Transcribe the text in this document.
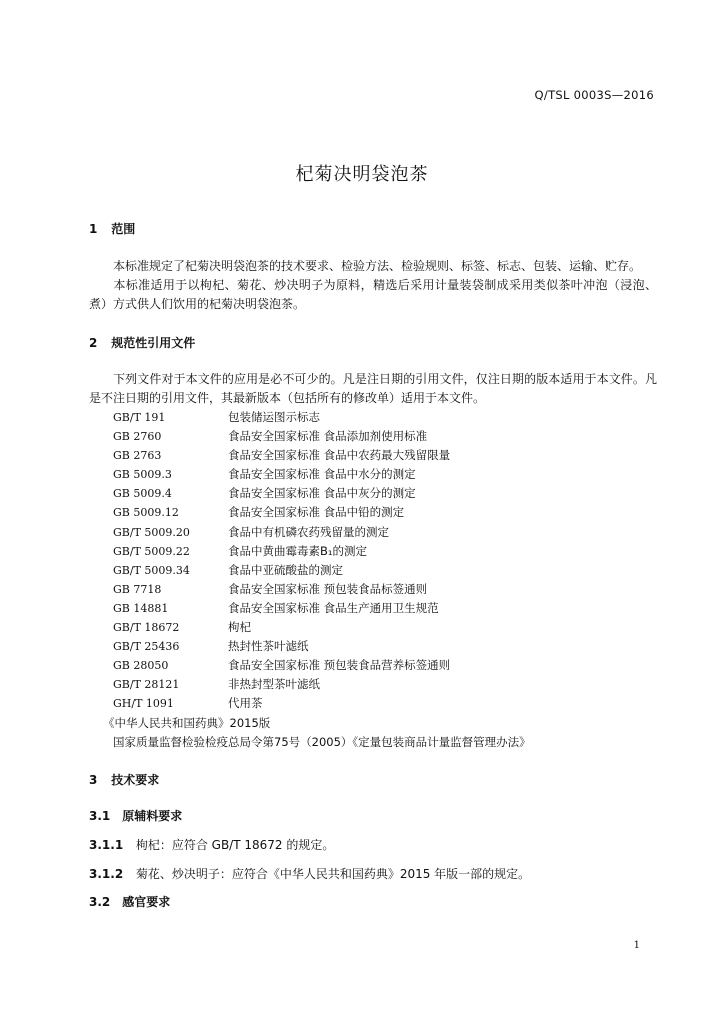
Q/TSL 0003S—2016
杞菊决明袋泡茶
1 范围
本标准规定了杞菊决明袋泡茶的技术要求、检验方法、检验规则、标签、标志、包装、运输、贮存。
本标准适用于以枸杞、菊花、炒决明子为原料，精选后采用计量装袋制成采用类似茶叶冲泡（浸泡、煮）方式供人们饮用的杞菊决明袋泡茶。
2 规范性引用文件
下列文件对于本文件的应用是必不可少的。凡是注日期的引用文件，仅注日期的版本适用于本文件。凡是不注日期的引用文件，其最新版本（包括所有的修改单）适用于本文件。
GB/T 191	包装储运图示标志
GB 2760	食品安全国家标准 食品添加剂使用标准
GB 2763	食品安全国家标准 食品中农药最大残留限量
GB 5009.3	食品安全国家标准 食品中水分的测定
GB 5009.4	食品安全国家标准 食品中灰分的测定
GB 5009.12	食品安全国家标准 食品中铅的测定
GB/T 5009.20	食品中有机磷农药残留量的测定
GB/T 5009.22	食品中黄曲霉毒素B₁的测定
GB/T 5009.34	食品中亚硫酸盐的测定
GB 7718	食品安全国家标准 预包装食品标签通则
GB 14881	食品安全国家标准 食品生产通用卫生规范
GB/T 18672	枸杞
GB/T 25436	热封性茶叶滤纸
GB 28050	食品安全国家标准 预包装食品营养标签通则
GB/T 28121	非热封型茶叶滤纸
GH/T 1091	代用茶
《中华人民共和国药典》2015版
国家质量监督检验检疫总局令第75号（2005）《定量包装商品计量监督管理办法》
3 技术要求
3.1 原辅料要求
3.1.1 枸杞：应符合 GB/T 18672 的规定。
3.1.2 菊花、炒决明子：应符合《中华人民共和国药典》2015 年版一部的规定。
3.2 感官要求
1
